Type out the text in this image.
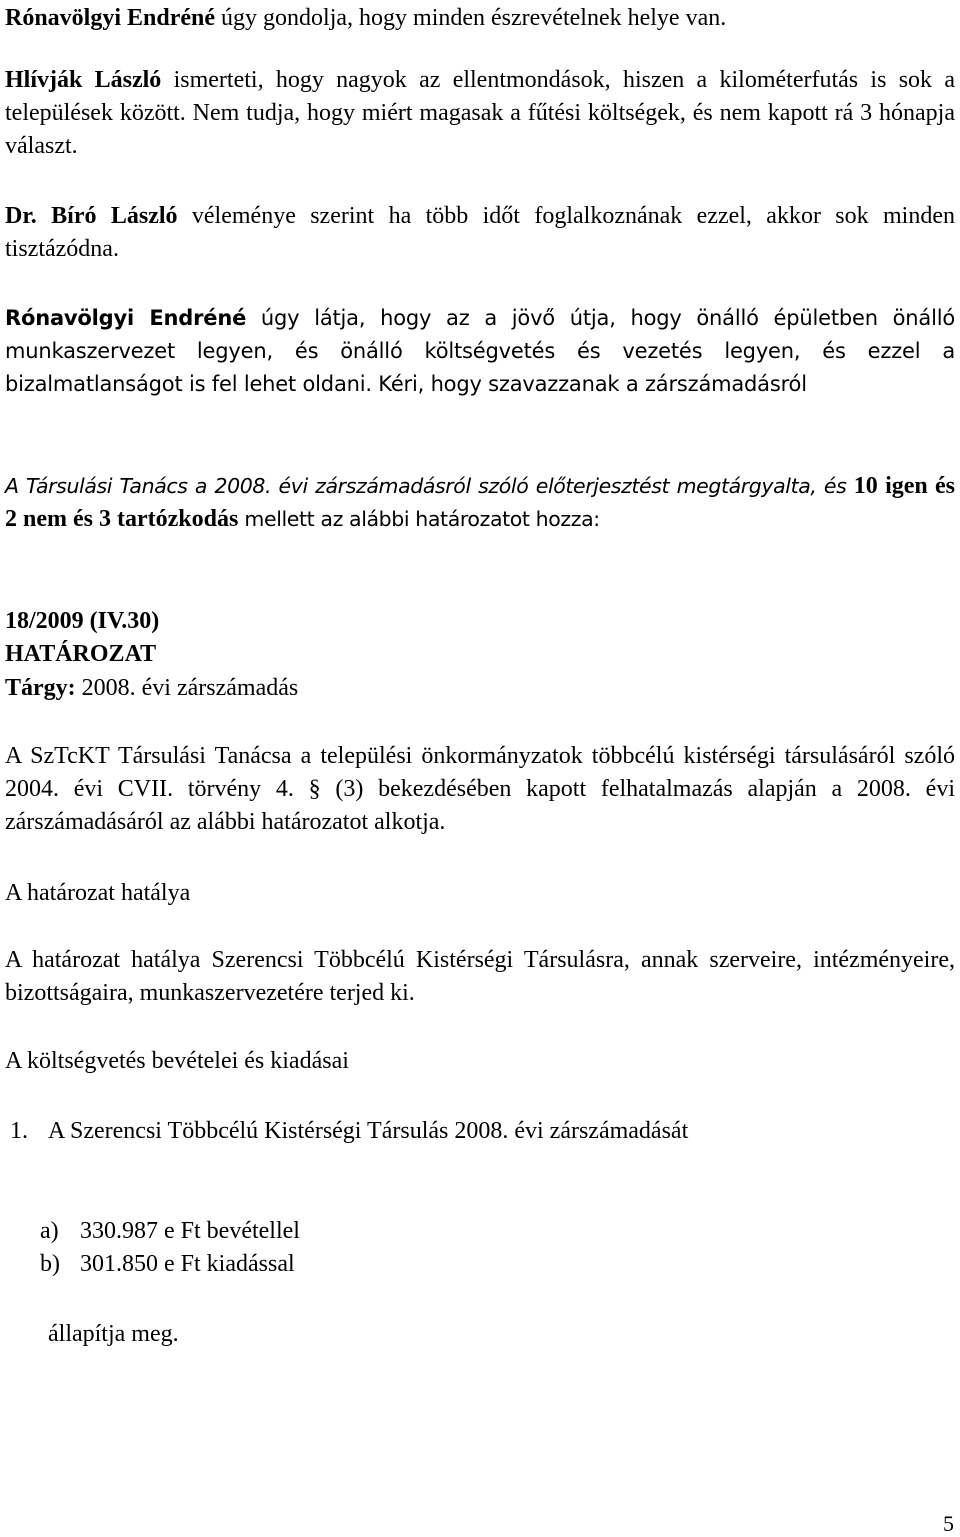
Rónavölgyi Endréné úgy gondolja, hogy minden észrevételnek helye van.

Hlívják László ismerteti, hogy nagyok az ellentmondások, hiszen a kilométerfutás is sok a települések között. Nem tudja, hogy miért magasak a fűtési költségek, és nem kapott rá 3 hónapja választ.

Dr. Bíró László véleménye szerint ha több időt foglalkoznának ezzel, akkor sok minden tisztázódna.

Rónavölgyi Endréné úgy látja, hogy az a jövő útja, hogy önálló épületben önálló munkaszervezet legyen, és önálló költségvetés és vezetés legyen, és ezzel a bizalmatlanságot is fel lehet oldani. Kéri, hogy szavazzanak a zárszámadásról

A Társulási Tanács a 2008. évi zárszámadásról szóló előterjesztést megtárgyalta, és 10 igen és 2 nem és 3 tartózkodás mellett az alábbi határozatot hozza:

18/2009 (IV.30)

HATÁROZAT

Tárgy: 2008. évi zárszámadás

A SzTcKT Társulási Tanácsa a települési önkormányzatok többcélú kistérségi társulásáról szóló 2004. évi CVII. törvény 4. § (3) bekezdésében kapott felhatalmazás alapján a 2008. évi zárszámadásáról az alábbi határozatot alkotja.

A határozat hatálya

A határozat hatálya Szerencsi Többcélú Kistérségi Társulásra, annak szerveire, intézményeire, bizottságaira, munkaszervezetére terjed ki.

A költségvetés bevételei és kiadásai

1. A Szerencsi Többcélú Kistérségi Társulás 2008. évi zárszámadását
a) 330.987 e Ft bevétellel
b) 301.850 e Ft kiadással
állapítja meg.
5
